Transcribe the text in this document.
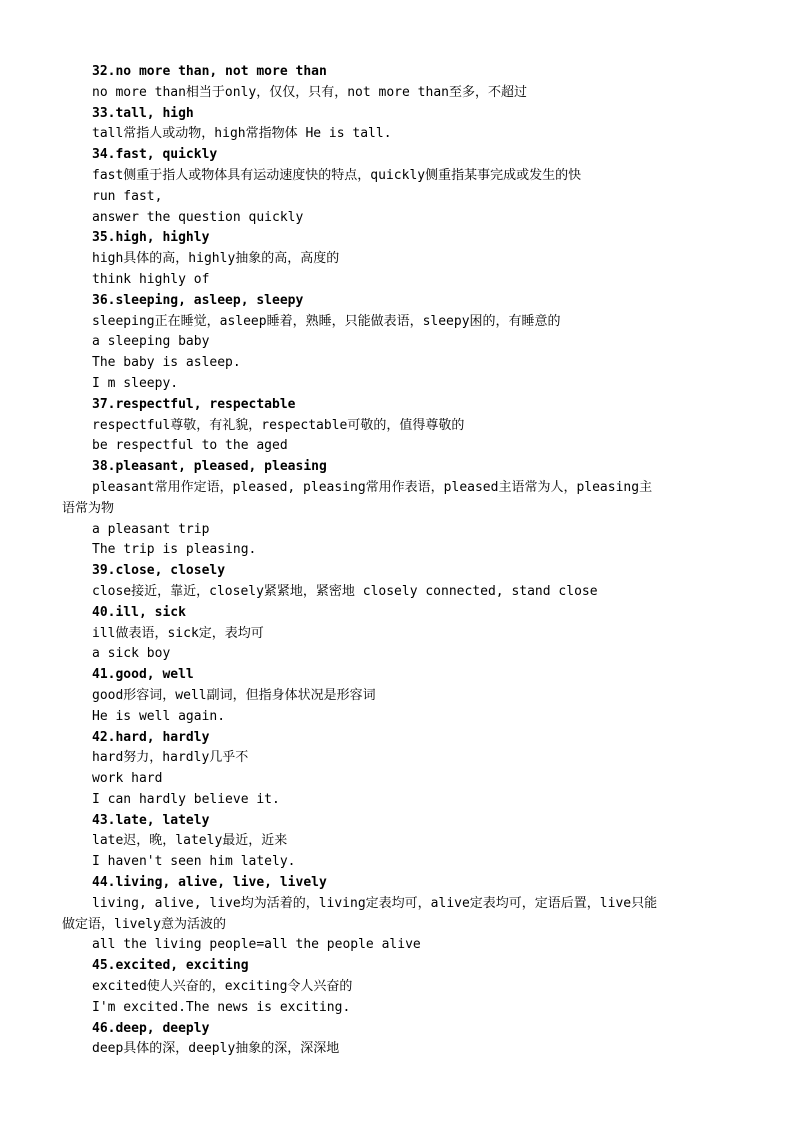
32.no more than, not more than

no more than相当于only，仅仅，只有，not more than至多，不超过

33.tall, high

tall常指人或动物，high常指物体 He is tall.

34.fast, quickly

fast侧重于指人或物体具有运动速度快的特点，quickly侧重指某事完成或发生的快

run fast,

answer the question quickly

35.high, highly

high具体的高，highly抽象的高，高度的

think highly of

36.sleeping, asleep, sleepy

sleeping正在睡觉，asleep睡着，熟睡，只能做表语，sleepy困的，有睡意的

a sleeping baby

The baby is asleep.

I m sleepy.

37.respectful, respectable

respectful尊敬，有礼貌，respectable可敬的，值得尊敬的

be respectful to the aged

38.pleasant, pleased, pleasing

pleasant常用作定语，pleased, pleasing常用作表语，pleased主语常为人，pleasing主

语常为物

a pleasant trip

The trip is pleasing.

39.close, closely

close接近，靠近，closely紧紧地，紧密地 closely connected, stand close

40.ill, sick

ill做表语，sick定，表均可

a sick boy

41.good, well

good形容词，well副词，但指身体状况是形容词

He is well again.

42.hard, hardly

hard努力，hardly几乎不

work hard

I can hardly believe it.

43.late, lately

late迟，晚，lately最近，近来

I haven't seen him lately.

44.living, alive, live, lively

living, alive, live均为活着的，living定表均可，alive定表均可，定语后置，live只能

做定语，lively意为活波的

all the living people=all the people alive

45.excited, exciting

excited使人兴奋的，exciting令人兴奋的

I'm excited.The news is exciting.

46.deep, deeply

deep具体的深，deeply抽象的深，深深地
